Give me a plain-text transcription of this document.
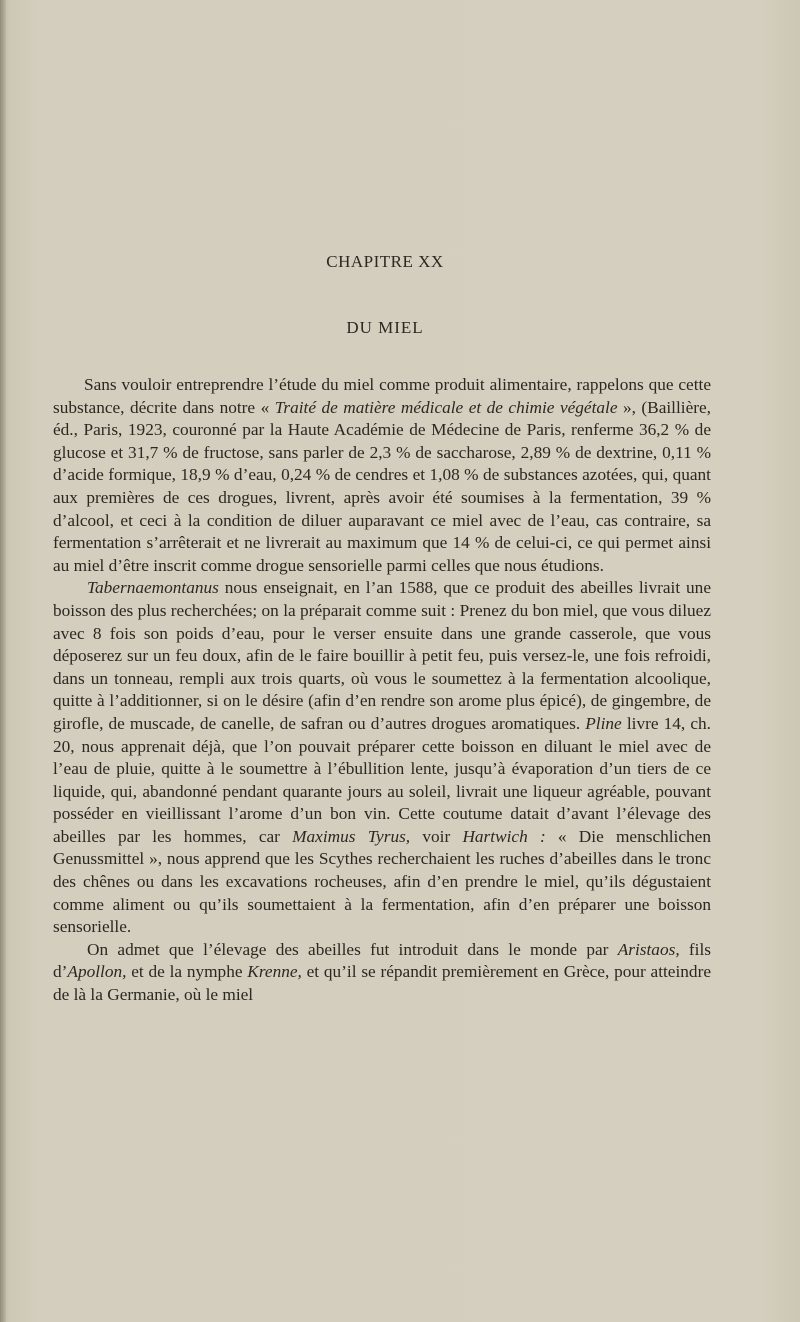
CHAPITRE XX
DU MIEL

Sans vouloir entreprendre l’étude du miel comme produit alimentaire, rappelons que cette substance, décrite dans notre « Traité de matière médicale et de chimie végétale », (Baillière, éd., Paris, 1923, couronné par la Haute Académie de Médecine de Paris, renferme 36,2 % de glucose et 31,7 % de fructose, sans parler de 2,3 % de saccharose, 2,89 % de dextrine, 0,11 % d’acide formique, 18,9 % d’eau, 0,24 % de cendres et 1,08 % de substances azotées, qui, quant aux premières de ces drogues, livrent, après avoir été soumises à la fermentation, 39 % d’alcool, et ceci à la condition de diluer auparavant ce miel avec de l’eau, cas contraire, sa fermentation s’arrêterait et ne livrerait au maximum que 14 % de celui-ci, ce qui permet ainsi au miel d’être inscrit comme drogue sensorielle parmi celles que nous étudions.

Tabernaemontanus nous enseignait, en l’an 1588, que ce produit des abeilles livrait une boisson des plus recherchées; on la préparait comme suit : Prenez du bon miel, que vous diluez avec 8 fois son poids d’eau, pour le verser ensuite dans une grande casserole, que vous déposerez sur un feu doux, afin de le faire bouillir à petit feu, puis versez-le, une fois refroidi, dans un tonneau, rempli aux trois quarts, où vous le soumettez à la fermentation alcoolique, quitte à l’additionner, si on le désire (afin d’en rendre son arome plus épicé), de gingembre, de girofle, de muscade, de canelle, de safran ou d’autres drogues aromatiques. Pline livre 14, ch. 20, nous apprenait déjà, que l’on pouvait préparer cette boisson en diluant le miel avec de l’eau de pluie, quitte à le soumettre à l’ébullition lente, jusqu’à évaporation d’un tiers de ce liquide, qui, abandonné pendant quarante jours au soleil, livrait une liqueur agréable, pouvant posséder en vieillissant l’arome d’un bon vin. Cette coutume datait d’avant l’élevage des abeilles par les hommes, car Maximus Tyrus, voir Hartwich : « Die menschlichen Genussmittel », nous apprend que les Scythes recherchaient les ruches d’abeilles dans le tronc des chênes ou dans les excavations rocheuses, afin d’en prendre le miel, qu’ils dégustaient comme aliment ou qu’ils soumettaient à la fermentation, afin d’en préparer une boisson sensorielle.

On admet que l’élevage des abeilles fut introduit dans le monde par Aristaos, fils d’Apollon, et de la nymphe Krenne, et qu’il se répandit premièrement en Grèce, pour atteindre de là la Germanie, où le miel
